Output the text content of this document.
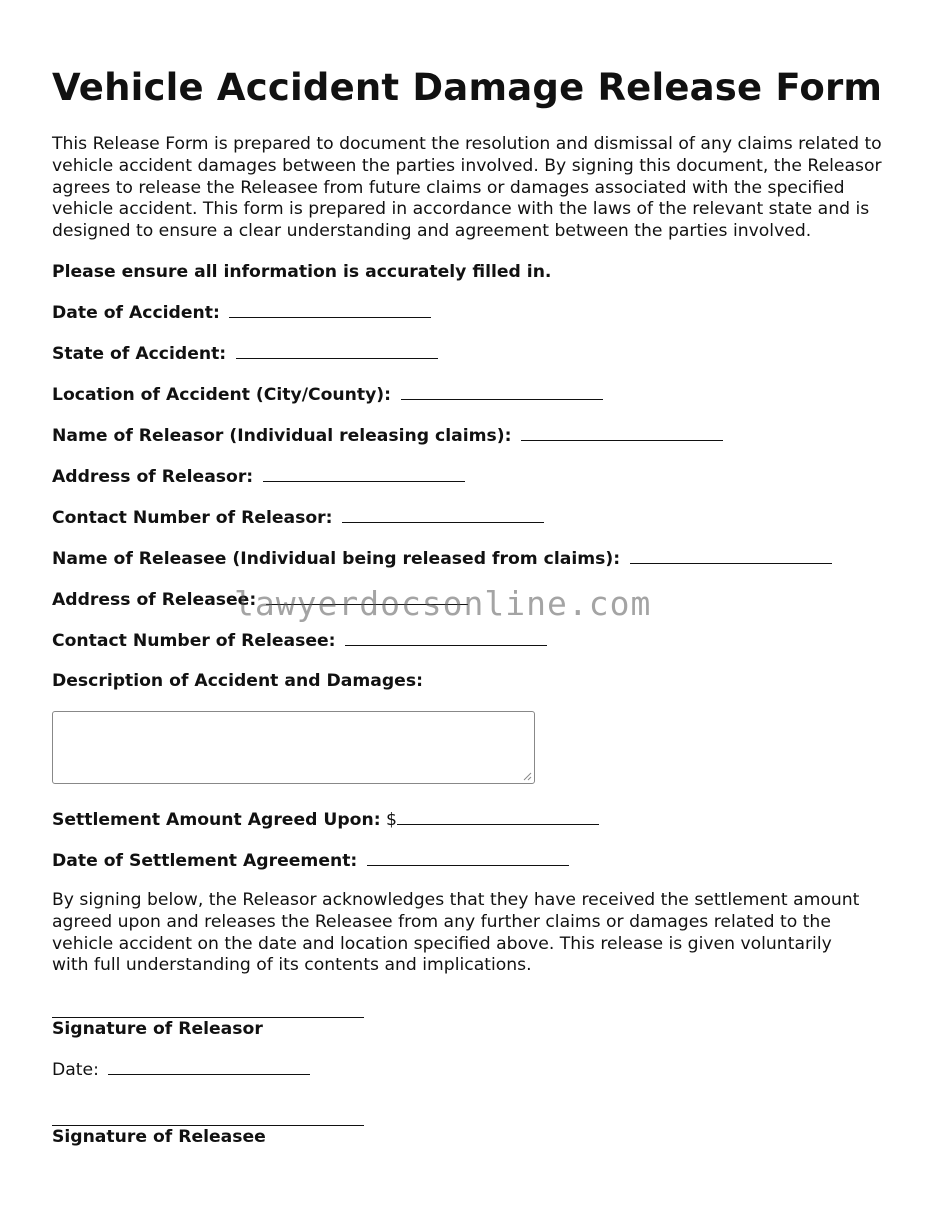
Vehicle Accident Damage Release Form

This Release Form is prepared to document the resolution and dismissal of any claims related to vehicle accident damages between the parties involved. By signing this document, the Releasor agrees to release the Releasee from future claims or damages associated with the specified vehicle accident. This form is prepared in accordance with the laws of the relevant state and is designed to ensure a clear understanding and agreement between the parties involved.

Please ensure all information is accurately filled in.
Date of Accident:
State of Accident:
Location of Accident (City/County):
Name of Releasor (Individual releasing claims):
Address of Releasor:
Contact Number of Releasor:
Name of Releasee (Individual being released from claims):
Address of Releasee:
Contact Number of Releasee:
Description of Accident and Damages:
Settlement Amount Agreed Upon: $
Date of Settlement Agreement:

By signing below, the Releasor acknowledges that they have received the settlement amount agreed upon and releases the Releasee from any further claims or damages related to the vehicle accident on the date and location specified above. This release is given voluntarily with full understanding of its contents and implications.

Signature of Releasor
Date:
Signature of Releasee
lawyerdocsonline.com
